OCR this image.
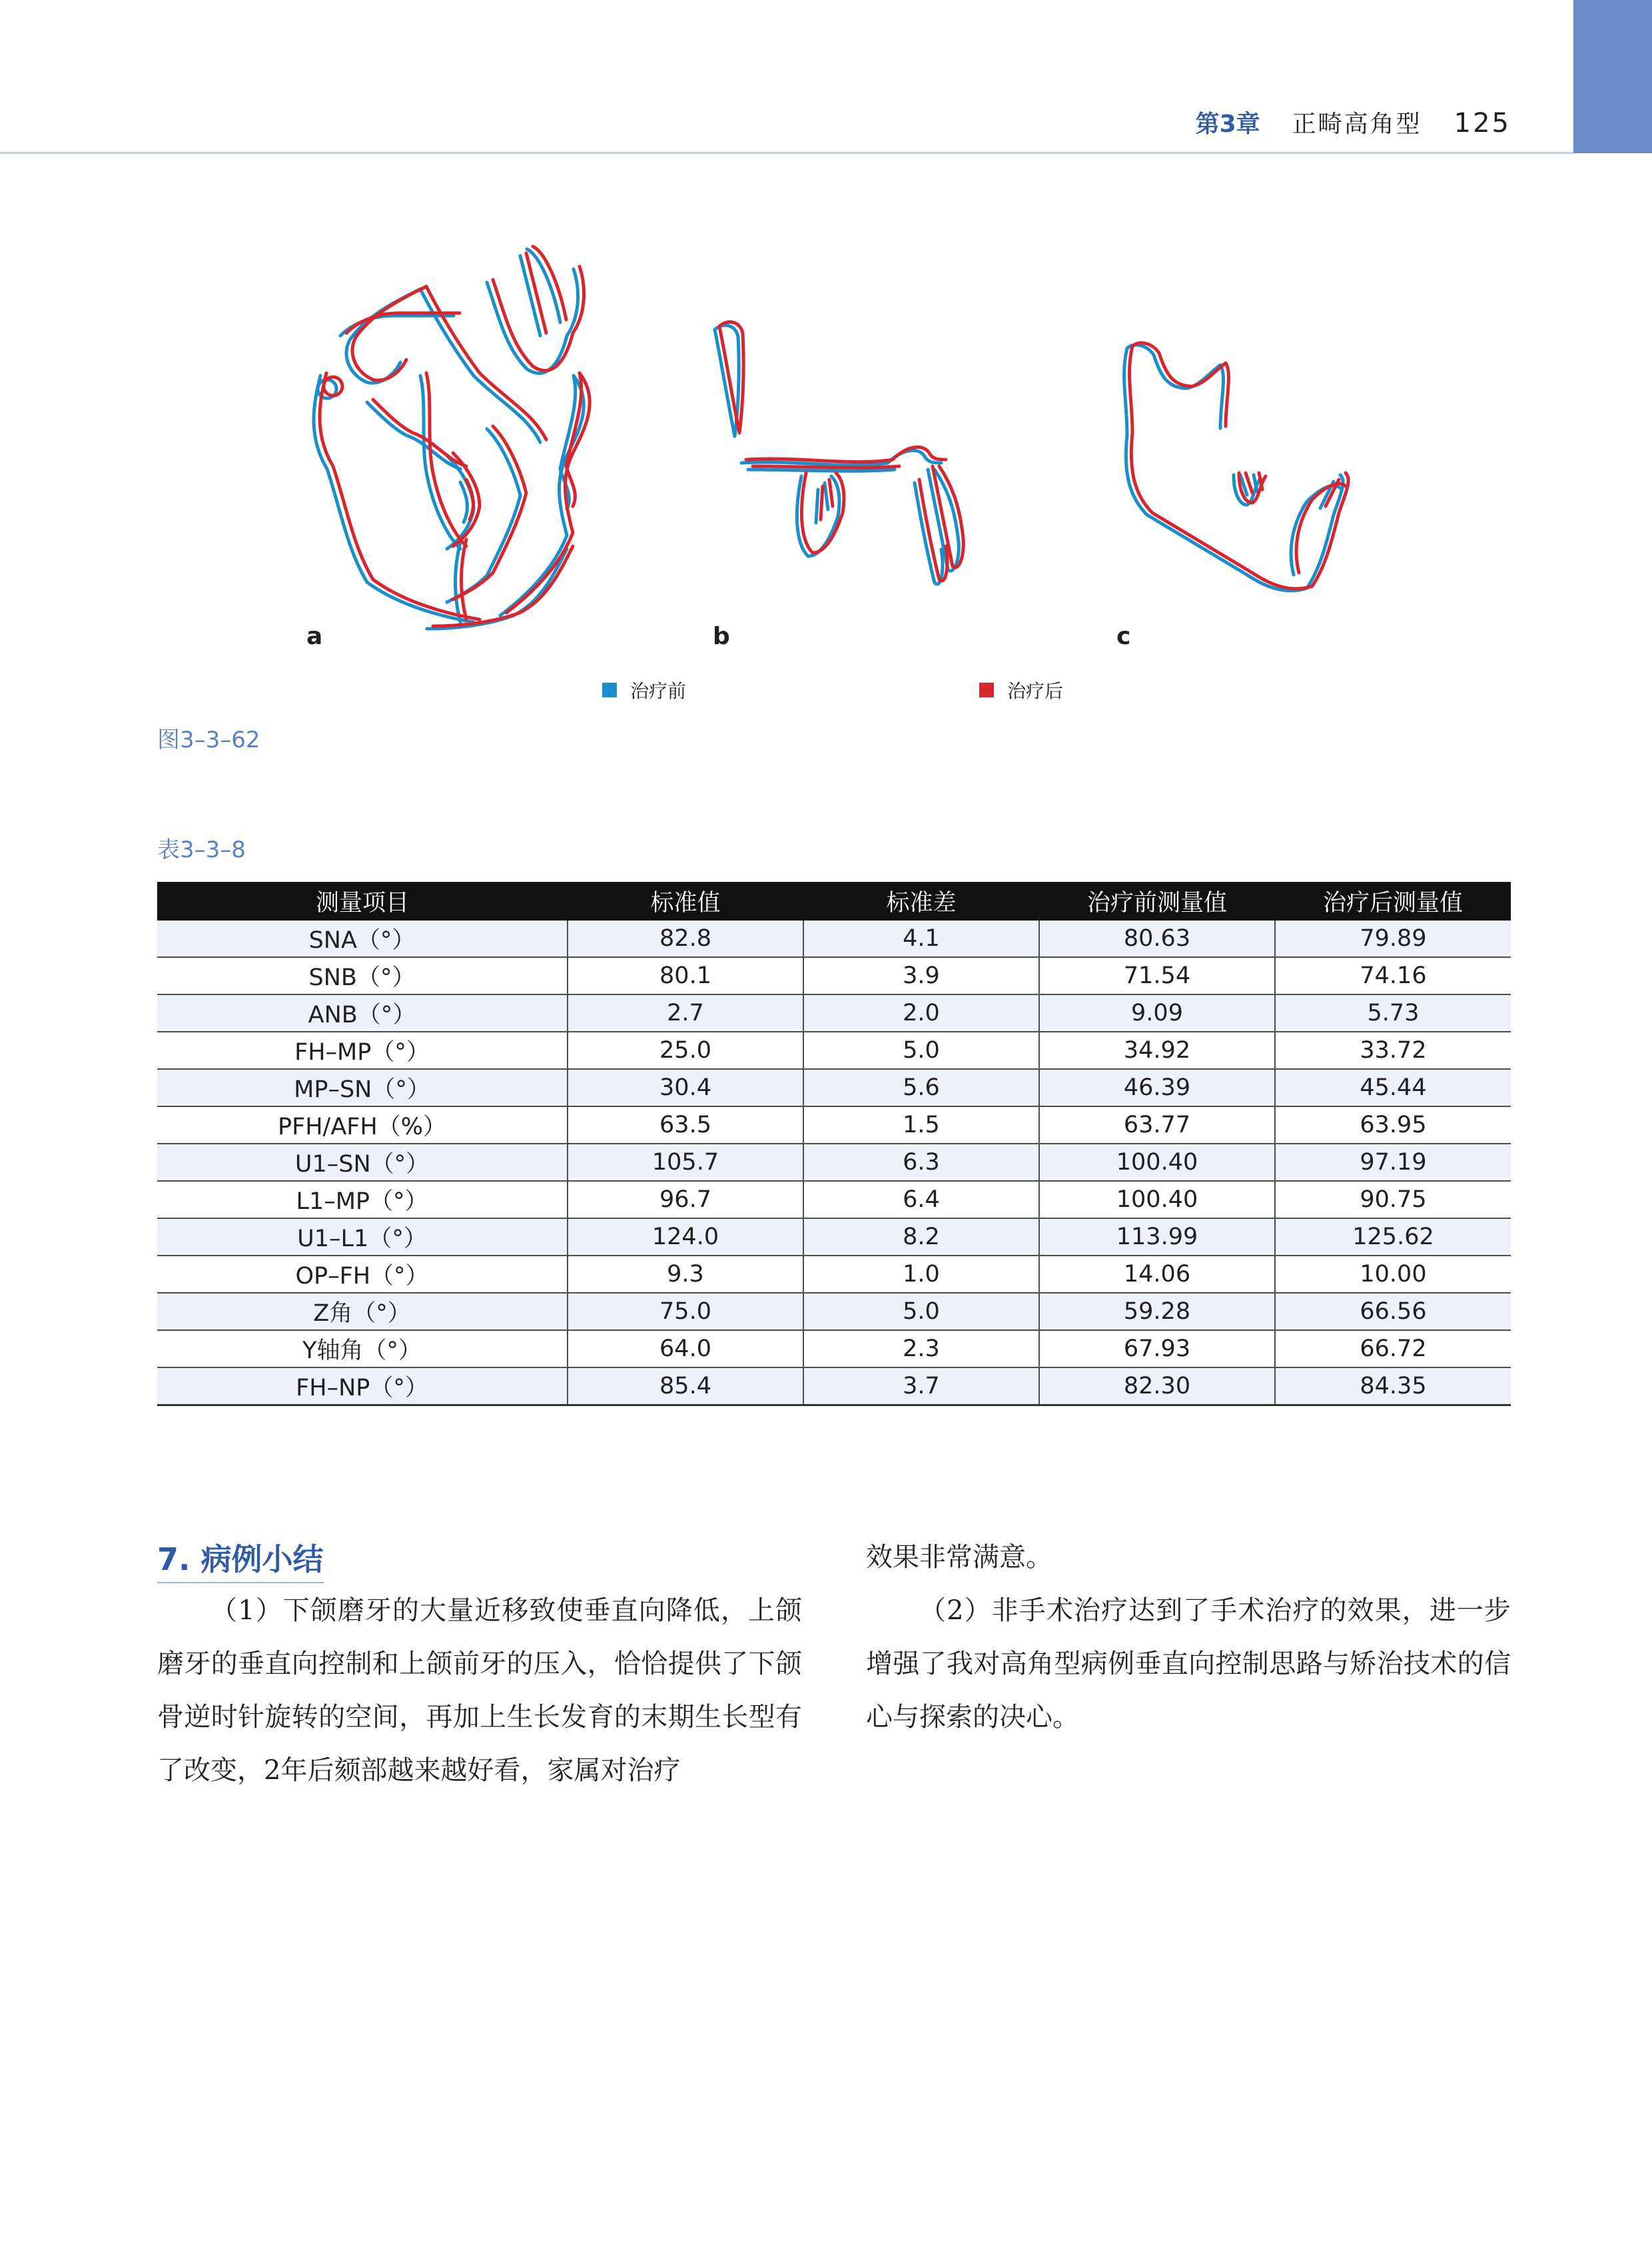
第3章 正畸高角型 125
a	b	c
治疗前	治疗后
图3–3–62
表3–3–8
测量项目	标准值	标准差	治疗前测量值	治疗后测量值
SNA（°）	82.8	4.1	80.63	79.89
SNB（°）	80.1	3.9	71.54	74.16
ANB（°）	2.7	2.0	9.09	5.73
FH–MP（°）	25.0	5.0	34.92	33.72
MP–SN（°）	30.4	5.6	46.39	45.44
PFH/AFH（%）	63.5	1.5	63.77	63.95
U1–SN（°）	105.7	6.3	100.40	97.19
L1–MP（°）	96.7	6.4	100.40	90.75
U1–L1（°）	124.0	8.2	113.99	125.62
OP–FH（°）	9.3	1.0	14.06	10.00
Z角（°）	75.0	5.0	59.28	66.56
Y轴角（°）	64.0	2.3	67.93	66.72
FH–NP（°）	85.4	3.7	82.30	84.35
7. 病例小结

（1）下颌磨牙的大量近移致使垂直向降低，上颌磨牙的垂直向控制和上颌前牙的压入，恰恰提供了下颌骨逆时针旋转的空间，再加上生长发育的末期生长型有了改变，2年后颏部越来越好看，家属对治疗

效果非常满意。

（2）非手术治疗达到了手术治疗的效果，进一步增强了我对高角型病例垂直向控制思路与矫治技术的信心与探索的决心。
